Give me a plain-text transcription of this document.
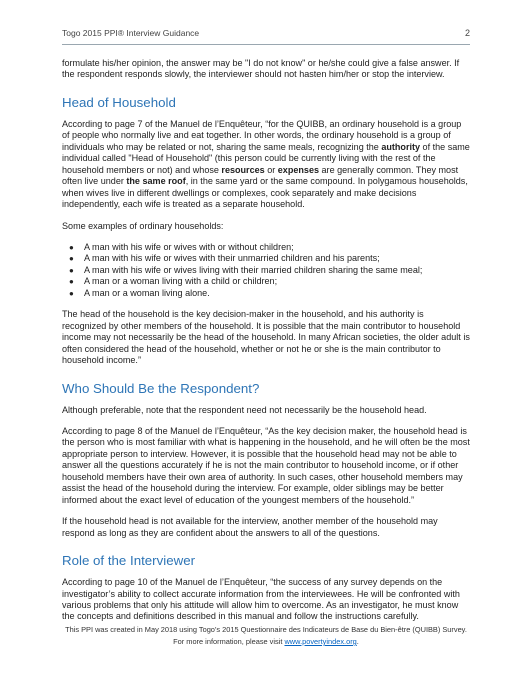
Togo 2015 PPI® Interview Guidance	2

formulate his/her opinion, the answer may be "I do not know" or he/she could give a false answer. If the respondent responds slowly, the interviewer should not hasten him/her or stop the interview.

Head of Household

According to page 7 of the Manuel de l’Enquêteur, “for the QUIBB, an ordinary household is a group of people who normally live and eat together. In other words, the ordinary household is a group of individuals who may be related or not, sharing the same meals, recognizing the authority of the same individual called "Head of Household" (this person could be currently living with the rest of the household members or not) and whose resources or expenses are generally common. They most often live under the same roof, in the same yard or the same compound. In polygamous households, when wives live in different dwellings or complexes, cook separately and make decisions independently, each wife is treated as a separate household.

Some examples of ordinary households:

● A man with his wife or wives with or without children;
● A man with his wife or wives with their unmarried children and his parents;
● A man with his wife or wives living with their married children sharing the same meal;
● A man or a woman living with a child or children;
● A man or a woman living alone.

The head of the household is the key decision-maker in the household, and his authority is recognized by other members of the household. It is possible that the main contributor to household income may not necessarily be the head of the household. In many African societies, the older adult is often considered the head of the household, whether or not he or she is the main contributor to household income.”

Who Should Be the Respondent?

Although preferable, note that the respondent need not necessarily be the household head.

According to page 8 of the Manuel de l’Enquêteur, “As the key decision maker, the household head is the person who is most familiar with what is happening in the household, and he will often be the most appropriate person to interview. However, it is possible that the household head may not be able to answer all the questions accurately if he is not the main contributor to household income, or if other household members have their own area of authority. In such cases, other household members may assist the head of the household during the interview. For example, older siblings may be better informed about the exact level of education of the youngest members of the household.”

If the household head is not available for the interview, another member of the household may respond as long as they are confident about the answers to all of the questions.

Role of the Interviewer

According to page 10 of the Manuel de l’Enquêteur, “the success of any survey depends on the investigator’s ability to collect accurate information from the interviewees. He will be confronted with various problems that only his attitude will allow him to overcome. As an investigator, he must know the concepts and definitions described in this manual and follow the instructions carefully.

This PPI was created in May 2018 using Togo’s 2015 Questionnaire des Indicateurs de Base du Bien-être (QUIBB) Survey.
For more information, please visit www.povertyindex.org.
